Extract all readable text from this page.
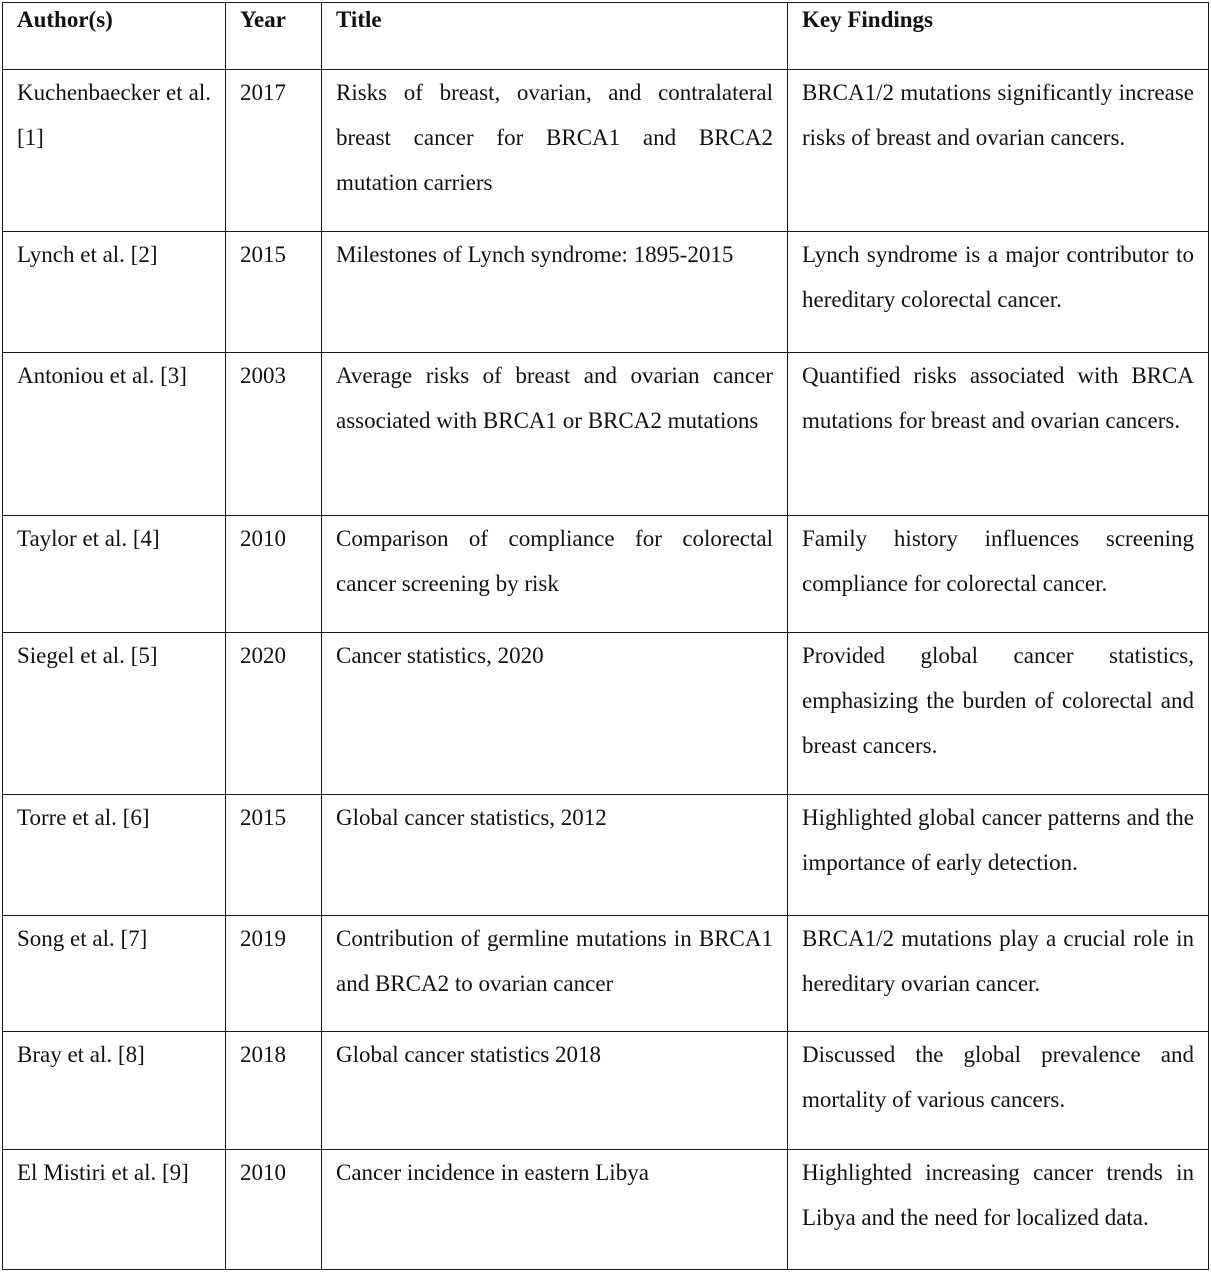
Author(s)	Year	Title	Key Findings
Kuchenbaecker et al. [1]	2017	Risks of breast, ovarian, and contralateral breast cancer for BRCA1 and BRCA2 mutation carriers	BRCA1/2 mutations significantly increase risks of breast and ovarian cancers.
Lynch et al. [2]	2015	Milestones of Lynch syndrome: 1895-2015	Lynch syndrome is a major contributor to hereditary colorectal cancer.
Antoniou et al. [3]	2003	Average risks of breast and ovarian cancer associated with BRCA1 or BRCA2 mutations	Quantified risks associated with BRCA mutations for breast and ovarian cancers.
Taylor et al. [4]	2010	Comparison of compliance for colorectal cancer screening by risk	Family history influences screening compliance for colorectal cancer.
Siegel et al. [5]	2020	Cancer statistics, 2020	Provided global cancer statistics, emphasizing the burden of colorectal and breast cancers.
Torre et al. [6]	2015	Global cancer statistics, 2012	Highlighted global cancer patterns and the importance of early detection.
Song et al. [7]	2019	Contribution of germline mutations in BRCA1 and BRCA2 to ovarian cancer	BRCA1/2 mutations play a crucial role in hereditary ovarian cancer.
Bray et al. [8]	2018	Global cancer statistics 2018	Discussed the global prevalence and mortality of various cancers.
El Mistiri et al. [9]	2010	Cancer incidence in eastern Libya	Highlighted increasing cancer trends in Libya and the need for localized data.
